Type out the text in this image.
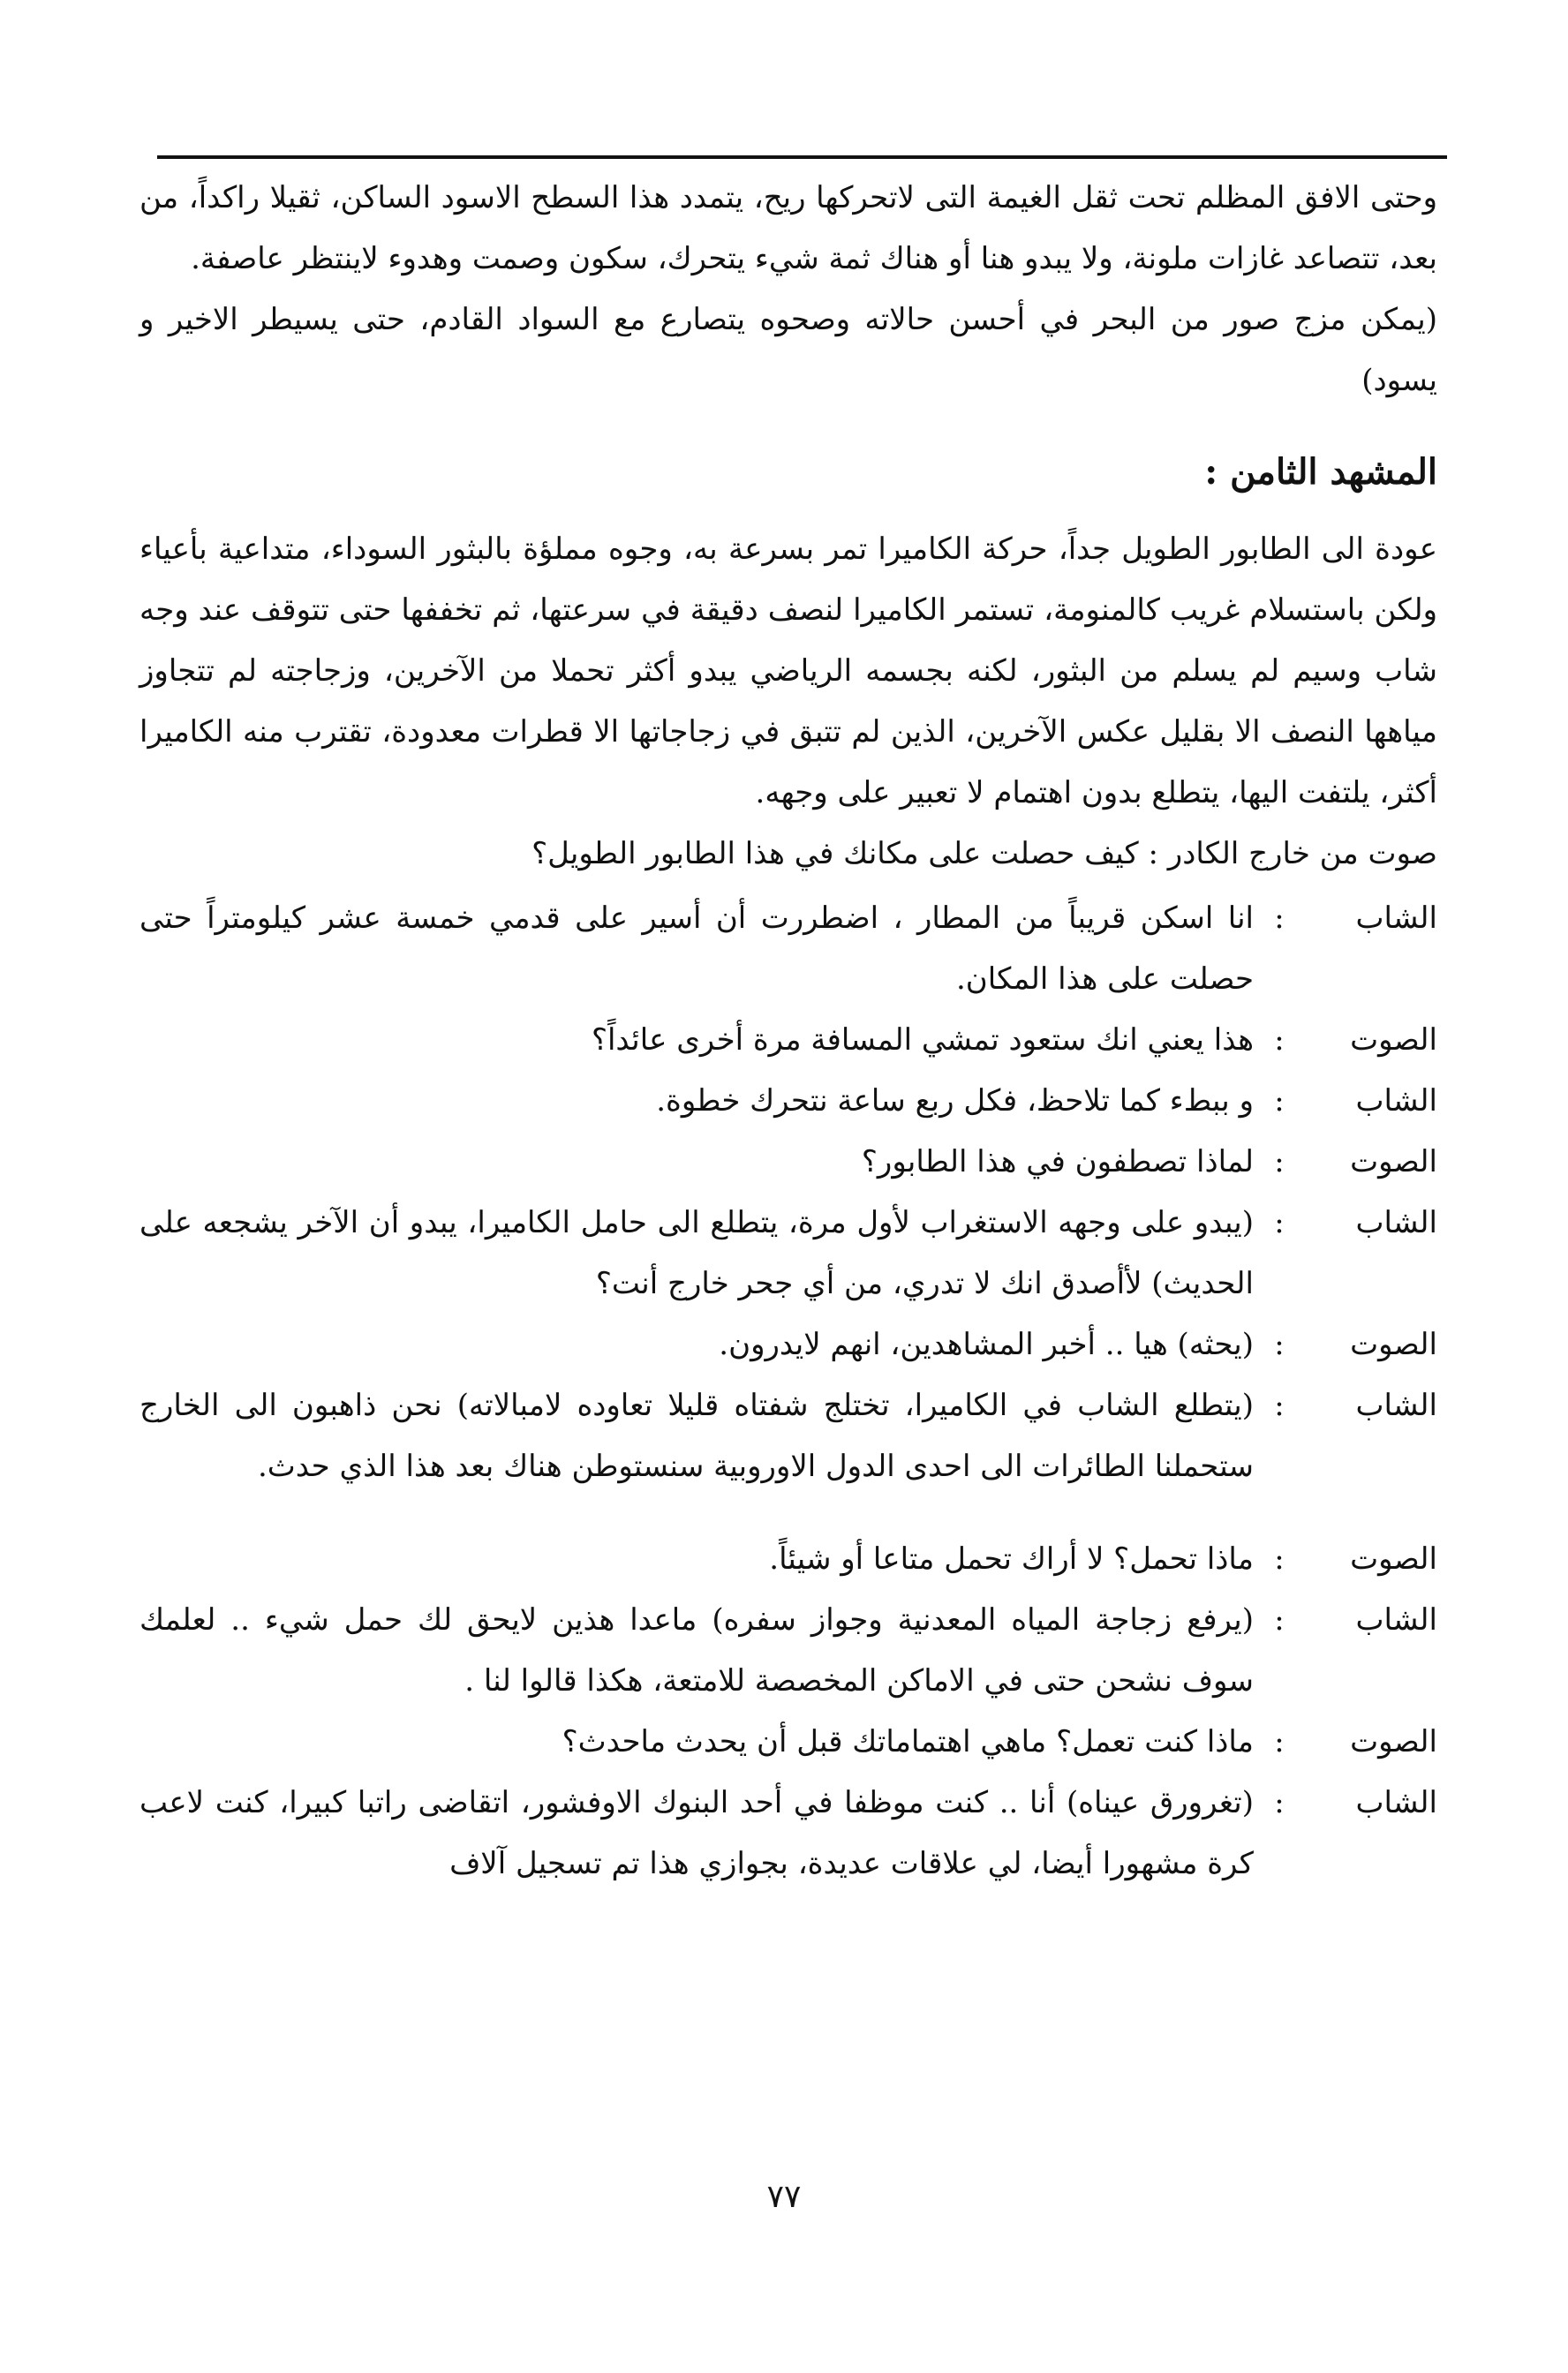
وحتى الافق المظلم تحت ثقل الغيمة التى لاتحركها ريح، يتمدد هذا السطح الاسود الساكن، ثقيلا راكداً، من بعد، تتصاعد غازات ملونة، ولا يبدو هنا أو هناك ثمة شيء يتحرك، سكون وصمت وهدوء لاينتظر عاصفة.

(يمكن مزج صور من البحر في أحسن حالاته وصحوه يتصارع مع السواد القادم، حتى يسيطر الاخير و يسود)

المشهد الثامن :

عودة الى الطابور الطويل جداً، حركة الكاميرا تمر بسرعة به، وجوه مملؤة بالبثور السوداء، متداعية بأعياء ولكن باستسلام غريب كالمنومة، تستمر الكاميرا لنصف دقيقة في سرعتها، ثم تخففها حتى تتوقف عند وجه شاب وسيم لم يسلم من البثور، لكنه بجسمه الرياضي يبدو أكثر تحملا من الآخرين، وزجاجته لم تتجاوز مياهها النصف الا بقليل عكس الآخرين، الذين لم تتبق في زجاجاتها الا قطرات معدودة، تقترب منه الكاميرا أكثر، يلتفت اليها، يتطلع بدون اهتمام لا تعبير على وجهه.

صوت من خارج الكادر : كيف حصلت على مكانك في هذا الطابور الطويل؟

الشاب
:
انا اسكن قريباً من المطار ، اضطررت أن أسير على قدمي خمسة عشر كيلومتراً حتى حصلت على هذا المكان.
الصوت
:
هذا يعني انك ستعود تمشي المسافة مرة أخرى عائداً؟
الشاب
:
و ببطء كما تلاحظ، فكل ربع ساعة نتحرك خطوة.
الصوت
:
لماذا تصطفون في هذا الطابور؟
الشاب
:
(يبدو على وجهه الاستغراب لأول مرة، يتطلع الى حامل الكاميرا، يبدو أن الآخر يشجعه على الحديث) لأأصدق انك لا تدري، من أي جحر خارج أنت؟
الصوت
:
(يحثه) هيا .. أخبر المشاهدين، انهم لايدرون.
الشاب
:
(يتطلع الشاب في الكاميرا، تختلج شفتاه قليلا تعاوده لامبالاته) نحن ذاهبون الى الخارج ستحملنا الطائرات الى احدى الدول الاوروبية سنستوطن هناك بعد هذا الذي حدث.
الصوت
:
ماذا تحمل؟ لا أراك تحمل متاعا أو شيئاً.
الشاب
:
(يرفع زجاجة المياه المعدنية وجواز سفره) ماعدا هذين لايحق لك حمل شيء .. لعلمك سوف نشحن حتى في الاماكن المخصصة للامتعة، هكذا قالوا لنا .
الصوت
:
ماذا كنت تعمل؟ ماهي اهتماماتك قبل أن يحدث ماحدث؟
الشاب
:
(تغرورق عيناه) أنا .. كنت موظفا في أحد البنوك الاوفشور، اتقاضى راتبا كبيرا، كنت لاعب كرة مشهورا أيضا، لي علاقات عديدة، بجوازي هذا تم تسجيل آلاف
٧٧
